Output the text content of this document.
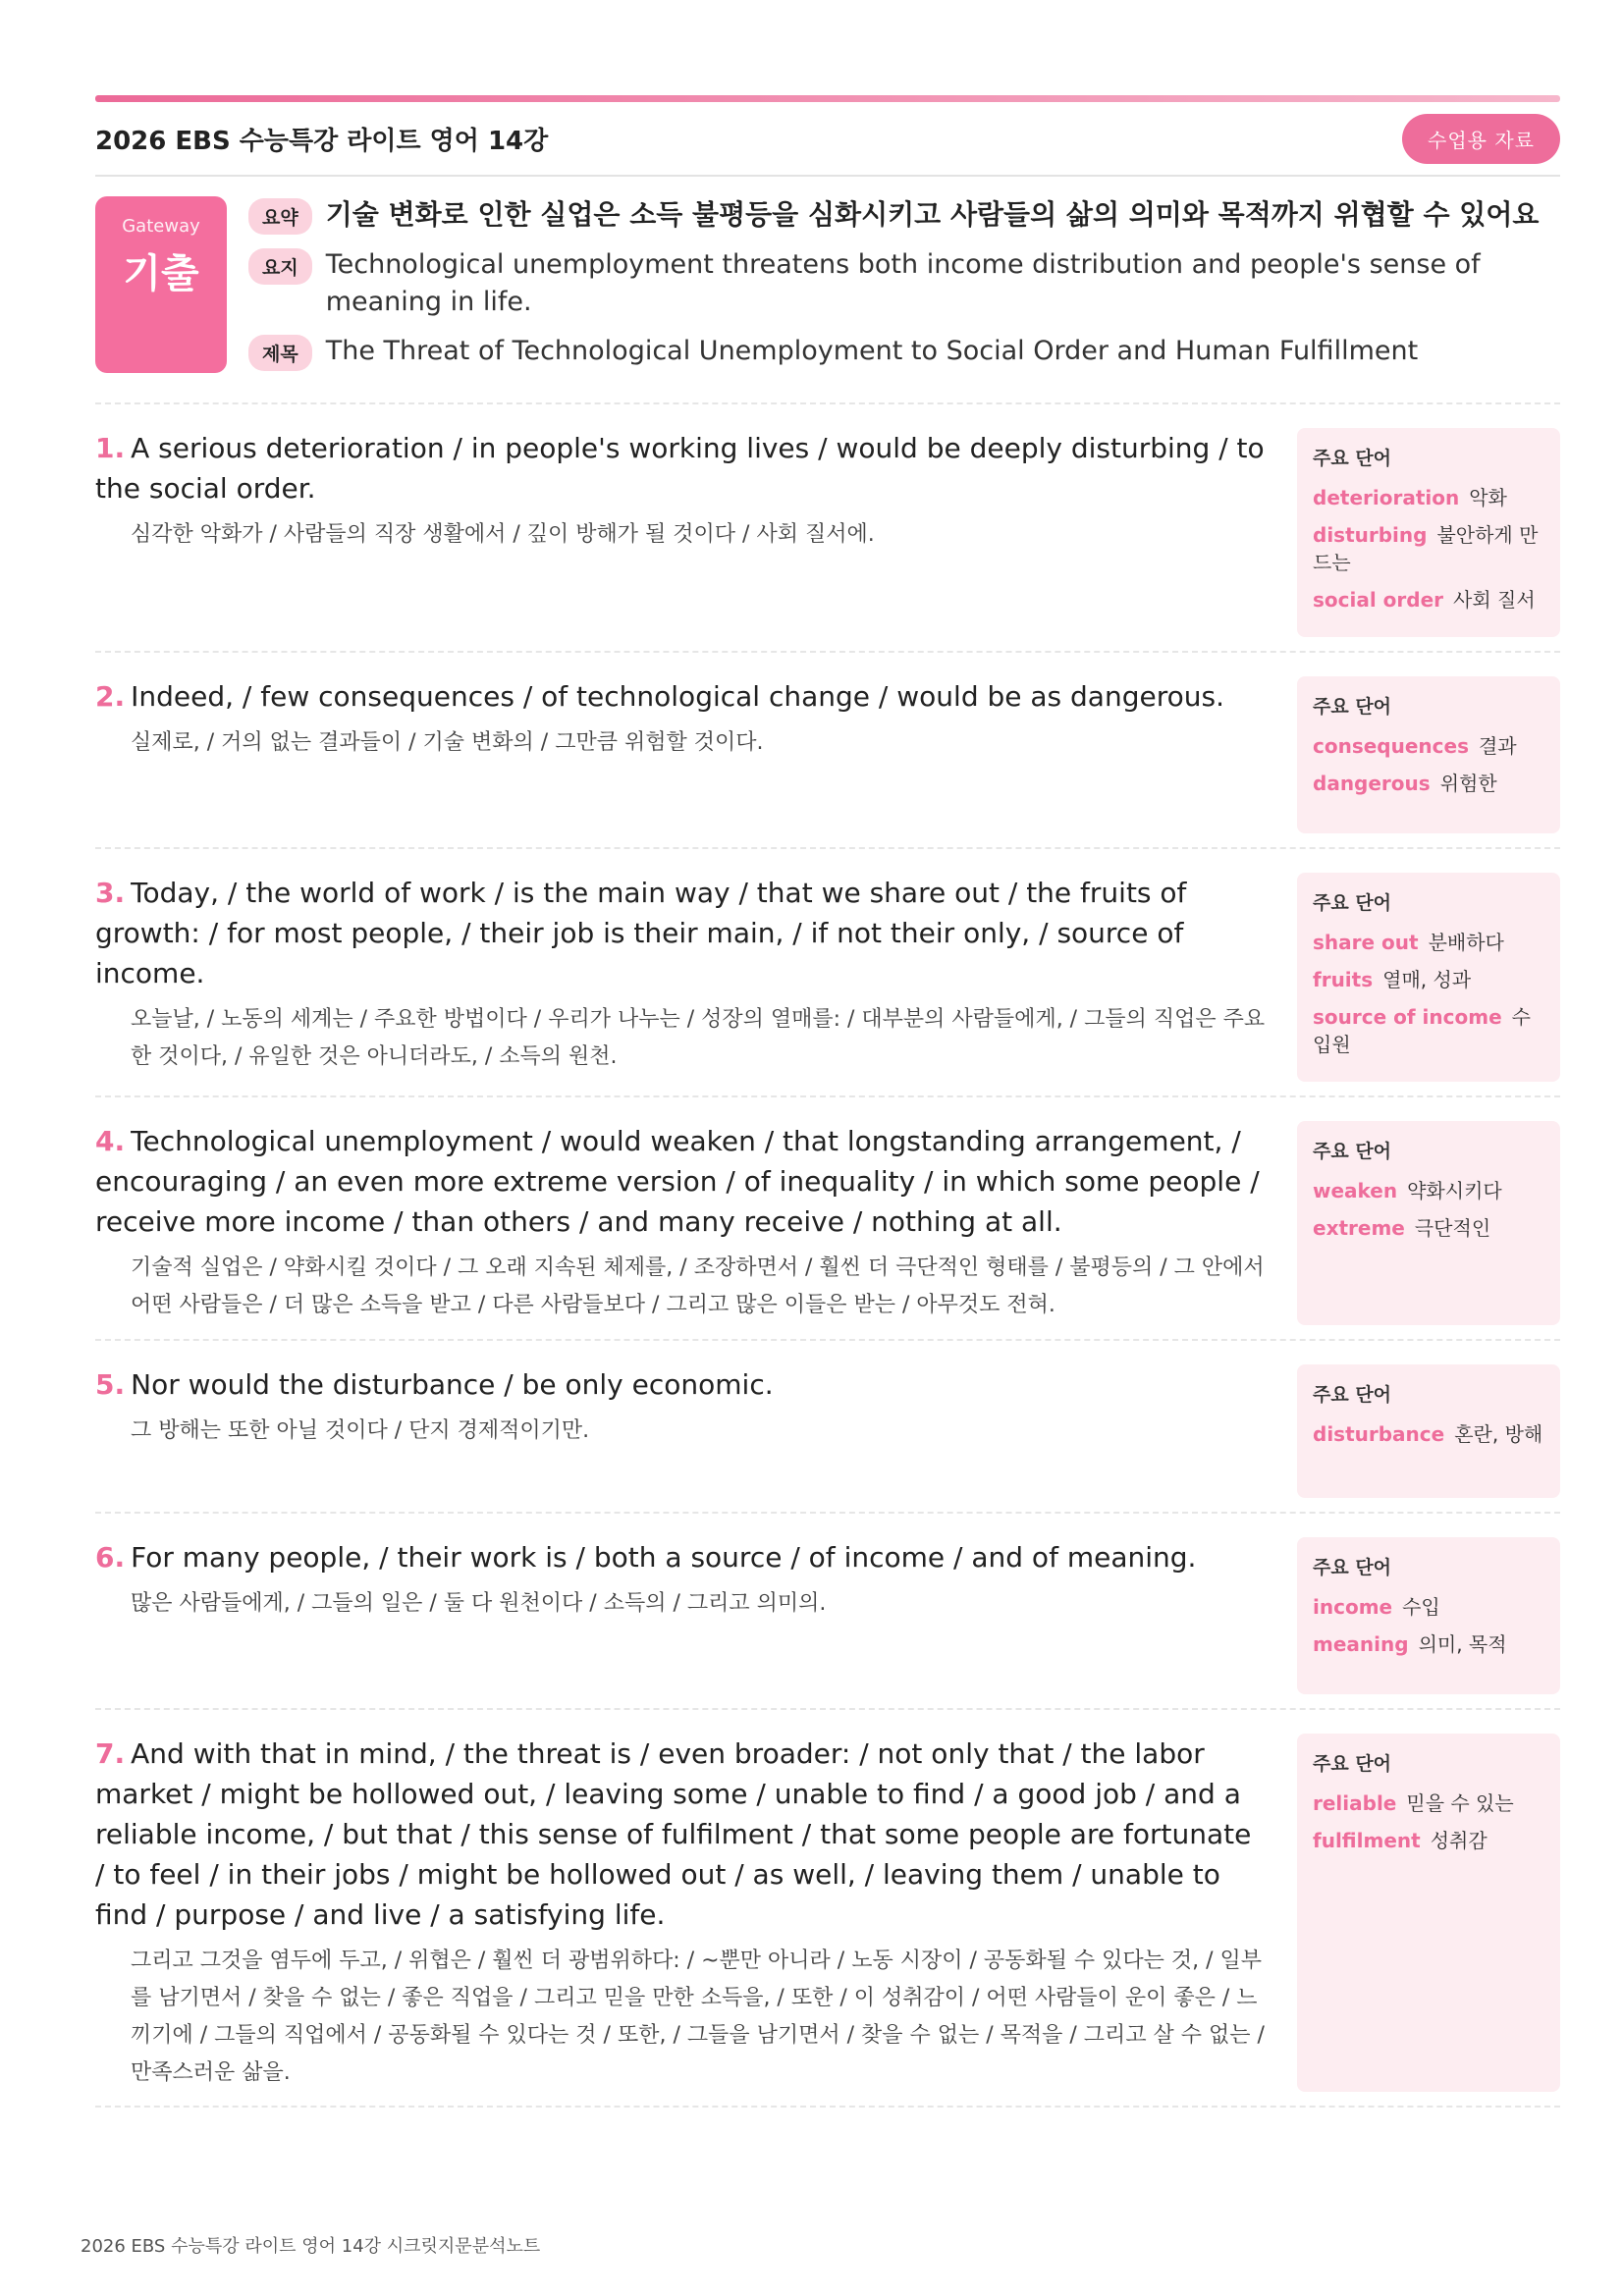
2026 EBS 수능특강 라이트 영어 14강	수업용 자료
Gateway
기출
요약	기술 변화로 인한 실업은 소득 불평등을 심화시키고 사람들의 삶의 의미와 목적까지 위협할 수 있어요
요지	Technological unemployment threatens both income distribution and people's sense of meaning in life.
제목	The Threat of Technological Unemployment to Social Order and Human Fulfillment
1. A serious deterioration / in people's working lives / would be deeply disturbing / to the social order.
심각한 악화가 / 사람들의 직장 생활에서 / 깊이 방해가 될 것이다 / 사회 질서에.
주요 단어
deterioration 악화
disturbing 불안하게 만드는
social order 사회 질서
2. Indeed, / few consequences / of technological change / would be as dangerous.
실제로, / 거의 없는 결과들이 / 기술 변화의 / 그만큼 위험할 것이다.
주요 단어
consequences 결과
dangerous 위험한
3. Today, / the world of work / is the main way / that we share out / the fruits of growth: / for most people, / their job is their main, / if not their only, / source of income.
오늘날, / 노동의 세계는 / 주요한 방법이다 / 우리가 나누는 / 성장의 열매를: / 대부분의 사람들에게, / 그들의 직업은 주요한 것이다, / 유일한 것은 아니더라도, / 소득의 원천.
주요 단어
share out 분배하다
fruits 열매, 성과
source of income 수입원
4. Technological unemployment / would weaken / that longstanding arrangement, / encouraging / an even more extreme version / of inequality / in which some people / receive more income / than others / and many receive / nothing at all.
기술적 실업은 / 약화시킬 것이다 / 그 오래 지속된 체제를, / 조장하면서 / 훨씬 더 극단적인 형태를 / 불평등의 / 그 안에서 어떤 사람들은 / 더 많은 소득을 받고 / 다른 사람들보다 / 그리고 많은 이들은 받는 / 아무것도 전혀.
주요 단어
weaken 약화시키다
extreme 극단적인
5. Nor would the disturbance / be only economic.
그 방해는 또한 아닐 것이다 / 단지 경제적이기만.
주요 단어
disturbance 혼란, 방해
6. For many people, / their work is / both a source / of income / and of meaning.
많은 사람들에게, / 그들의 일은 / 둘 다 원천이다 / 소득의 / 그리고 의미의.
주요 단어
income 수입
meaning 의미, 목적
7. And with that in mind, / the threat is / even broader: / not only that / the labor market / might be hollowed out, / leaving some / unable to find / a good job / and a reliable income, / but that / this sense of fulfilment / that some people are fortunate / to feel / in their jobs / might be hollowed out / as well, / leaving them / unable to find / purpose / and live / a satisfying life.
그리고 그것을 염두에 두고, / 위협은 / 훨씬 더 광범위하다: / ~뿐만 아니라 / 노동 시장이 / 공동화될 수 있다는 것, / 일부를 남기면서 / 찾을 수 없는 / 좋은 직업을 / 그리고 믿을 만한 소득을, / 또한 / 이 성취감이 / 어떤 사람들이 운이 좋은 / 느끼기에 / 그들의 직업에서 / 공동화될 수 있다는 것 / 또한, / 그들을 남기면서 / 찾을 수 없는 / 목적을 / 그리고 살 수 없는 / 만족스러운 삶을.
주요 단어
reliable 믿을 수 있는
fulfilment 성취감
2026 EBS 수능특강 라이트 영어 14강 시크릿지문분석노트
